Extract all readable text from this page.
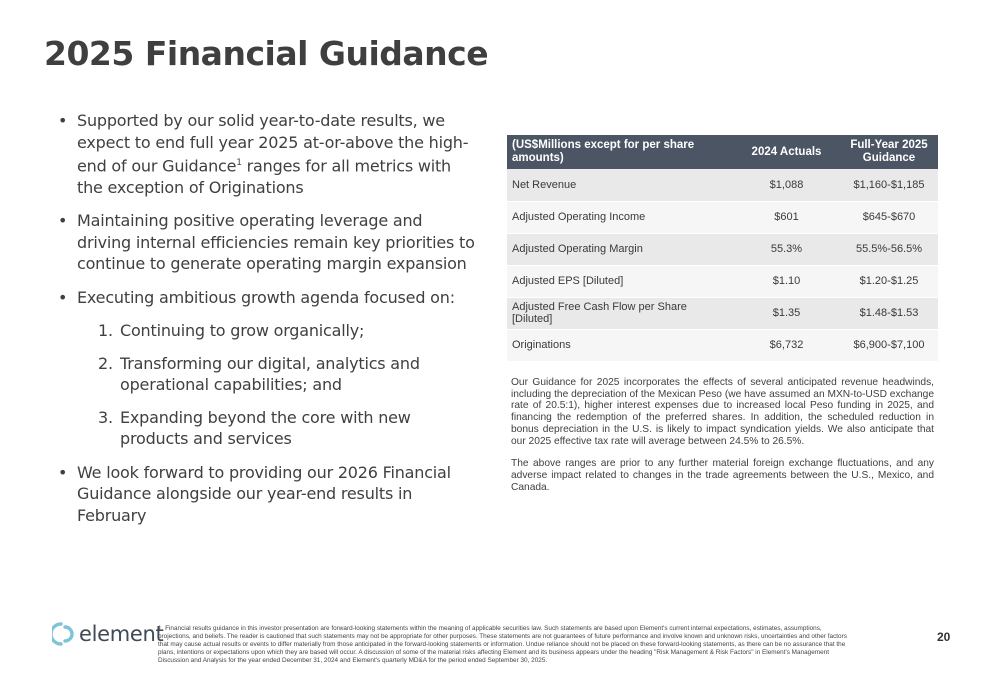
2025 Financial Guidance
• Supported by our solid year-to-date results, we expect to end full year 2025 at-or-above the high-end of our Guidance$^1$ ranges for all metrics with the exception of Originations
• Maintaining positive operating leverage and driving internal efficiencies remain key priorities to continue to generate operating margin expansion
• Executing ambitious growth agenda focused on:
1. Continuing to grow organically;
2. Transforming our digital, analytics and operational capabilities; and
3. Expanding beyond the core with new products and services
• We look forward to providing our 2026 Financial Guidance alongside our year-end results in February
(US$Millions except for per share amounts)	2024 Actuals	Full-Year 2025 Guidance
Net Revenue	$1,088	$1,160-$1,185
Adjusted Operating Income	$601	$645-$670
Adjusted Operating Margin	55.3%	55.5%-56.5%
Adjusted EPS [Diluted]	$1.10	$1.20-$1.25
Adjusted Free Cash Flow per Share [Diluted]	$1.35	$1.48-$1.53
Originations	$6,732	$6,900-$7,100

Our Guidance for 2025 incorporates the effects of several anticipated revenue headwinds, including the depreciation of the Mexican Peso (we have assumed an MXN-to-USD exchange rate of 20.5:1), higher interest expenses due to increased local Peso funding in 2025, and financing the redemption of the preferred shares. In addition, the scheduled reduction in bonus depreciation in the U.S. is likely to impact syndication yields. We also anticipate that our 2025 effective tax rate will average between 24.5% to 26.5%.

The above ranges are prior to any further material foreign exchange fluctuations, and any adverse impact related to changes in the trade agreements between the U.S., Mexico, and Canada.

element
1. Financial results guidance in this investor presentation are forward-looking statements within the meaning of applicable securities law. Such statements are based upon Element's current internal expectations, estimates, assumptions, projections, and beliefs. The reader is cautioned that such statements may not be appropriate for other purposes. These statements are not guarantees of future performance and involve known and unknown risks, uncertainties and other factors that may cause actual results or events to differ materially from those anticipated in the forward-looking statements or information. Undue reliance should not be placed on these forward-looking statements, as there can be no assurance that the plans, intentions or expectations upon which they are based will occur. A discussion of some of the material risks affecting Element and its business appears under the heading "Risk Management & Risk Factors" in Element's Management Discussion and Analysis for the year ended December 31, 2024 and Element's quarterly MD&A for the period ended September 30, 2025.
20
